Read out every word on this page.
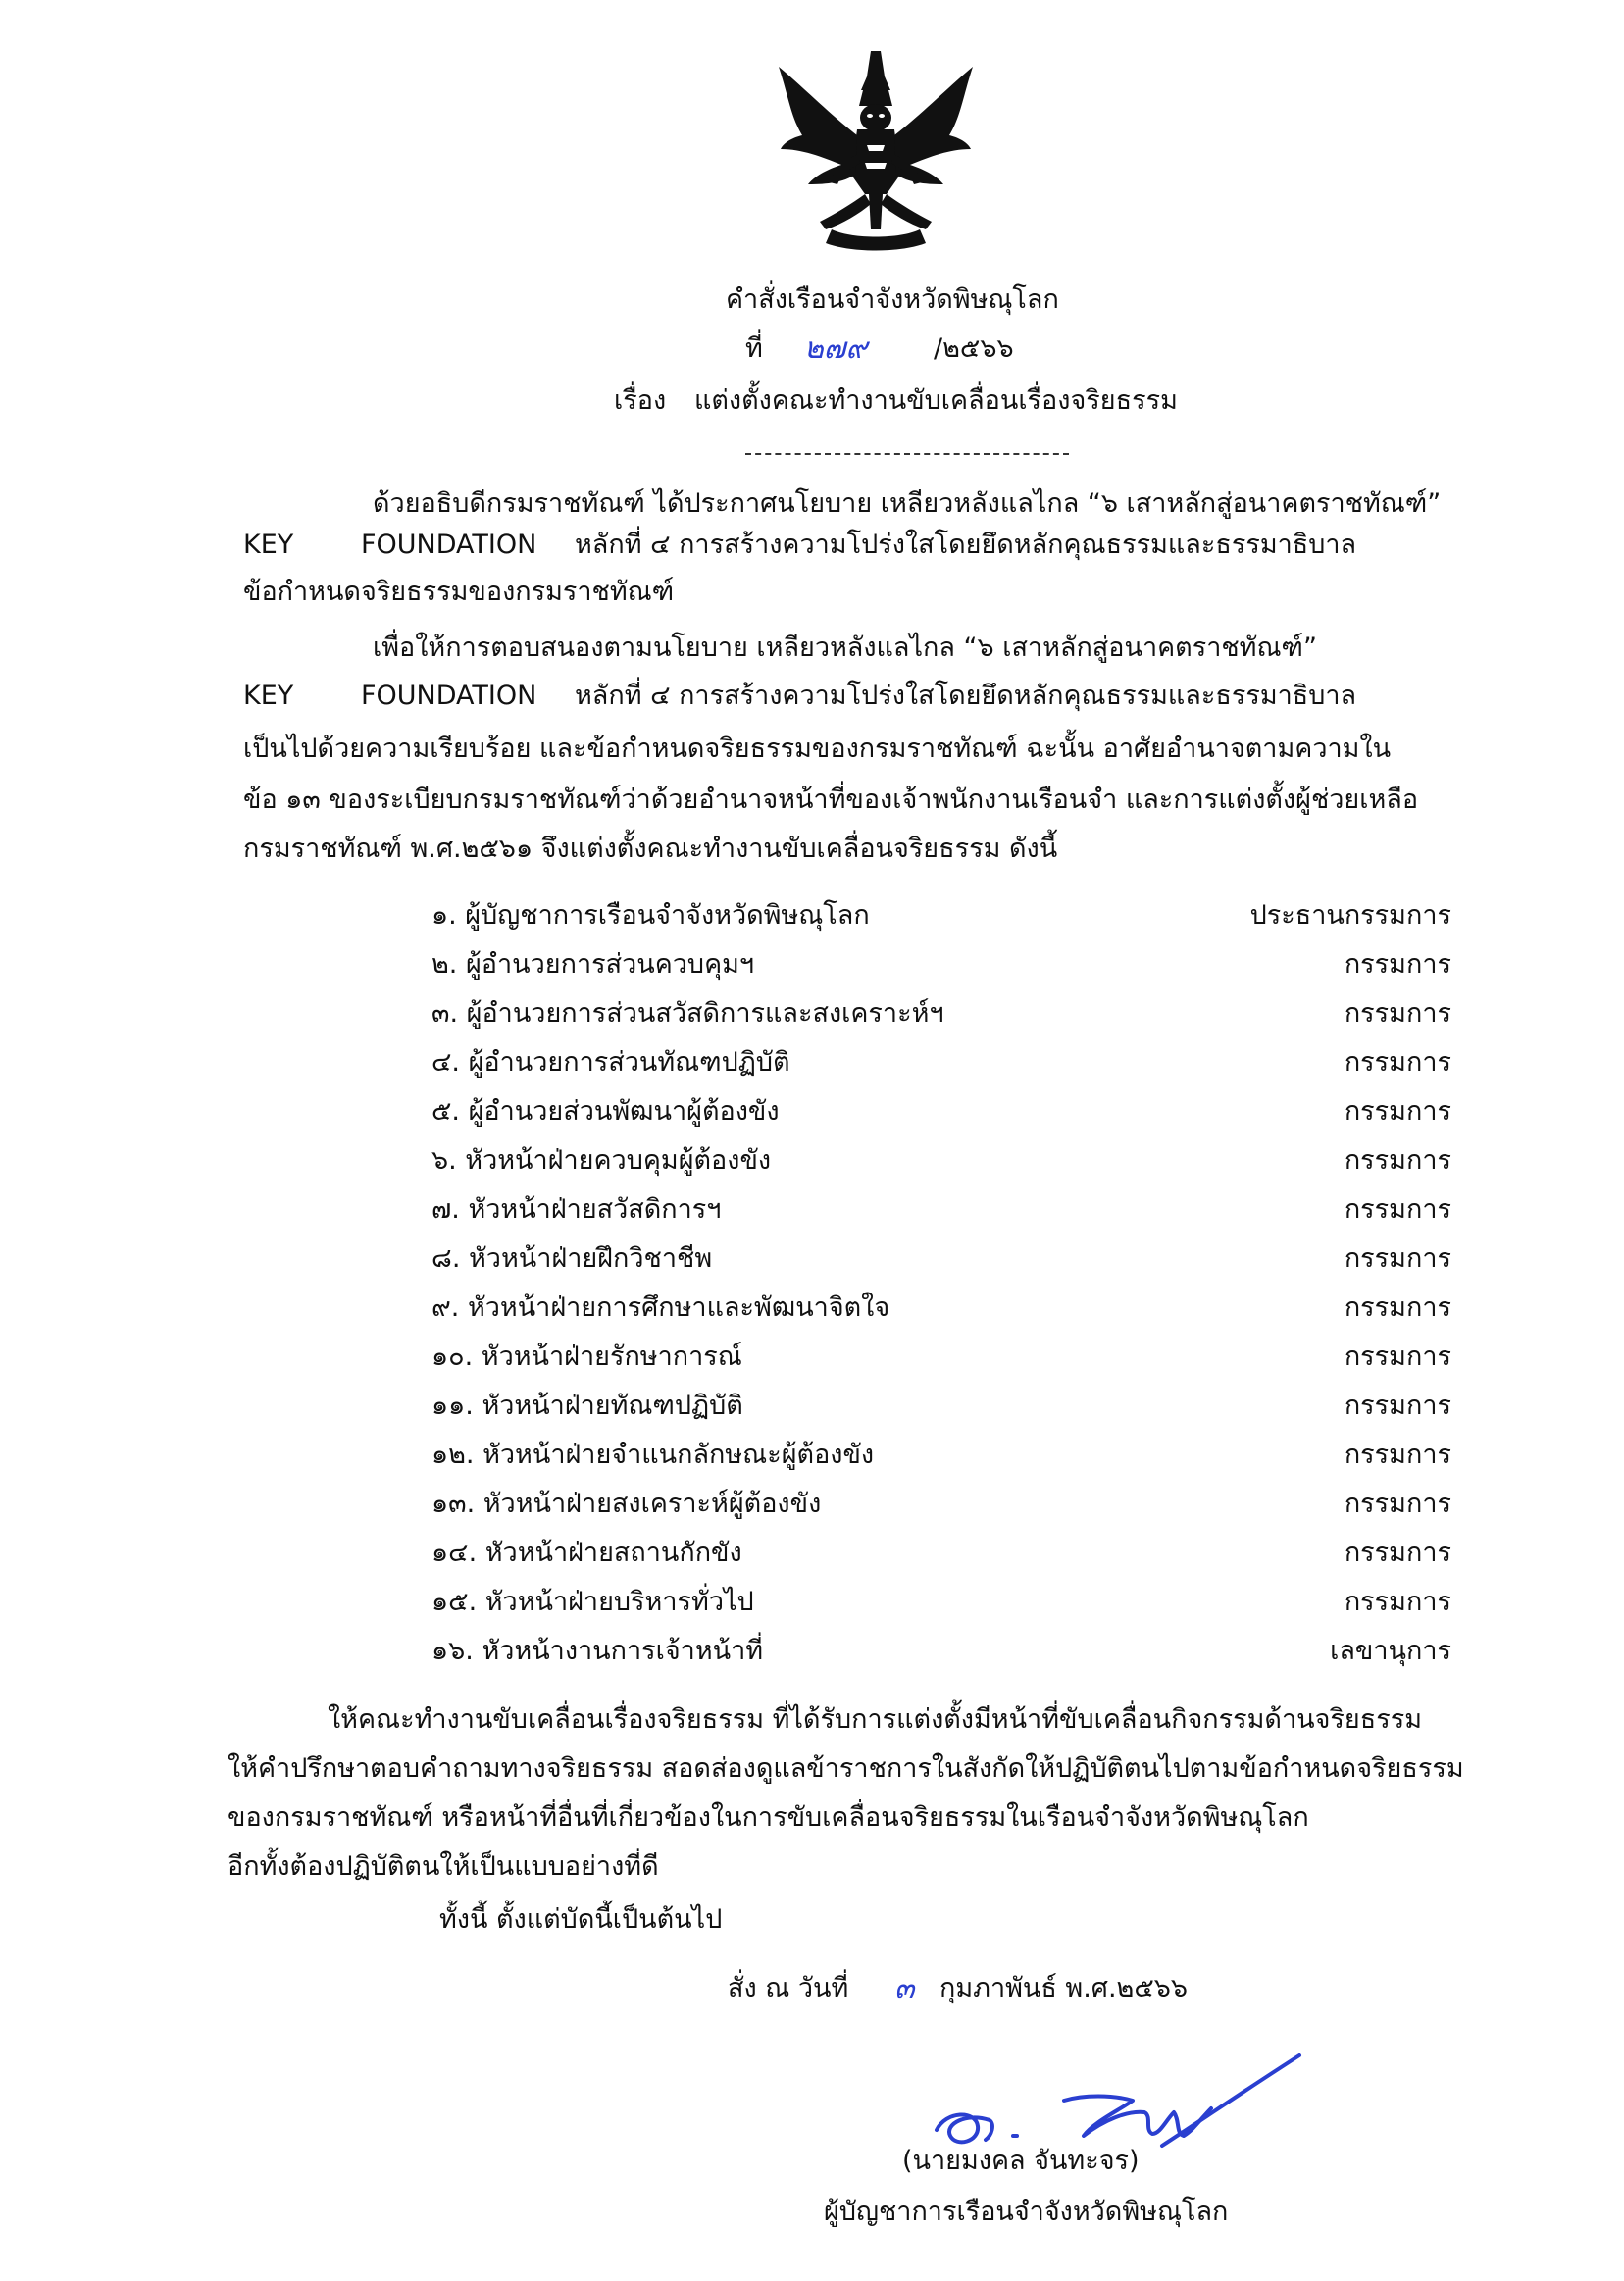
คำสั่งเรือนจำจังหวัดพิษณุโลก
ที่ ๒๗๙	/๒๕๖๖
เรื่อง แต่งตั้งคณะทำงานขับเคลื่อนเรื่องจริยธรรม
ด้วยอธิบดีกรมราชทัณฑ์ ได้ประกาศนโยบาย เหลียวหลังแลไกล “๖ เสาหลักสู่อนาคตราชทัณฑ์”
KEY	FOUNDATION หลักที่ ๔ การสร้างความโปร่งใสโดยยึดหลักคุณธรรมและธรรมาธิบาล
ข้อกำหนดจริยธรรมของกรมราชทัณฑ์
เพื่อให้การตอบสนองตามนโยบาย เหลียวหลังแลไกล “๖ เสาหลักสู่อนาคตราชทัณฑ์”
KEY	FOUNDATION หลักที่ ๔ การสร้างความโปร่งใสโดยยึดหลักคุณธรรมและธรรมาธิบาล
เป็นไปด้วยความเรียบร้อย และข้อกำหนดจริยธรรมของกรมราชทัณฑ์ ฉะนั้น อาศัยอำนาจตามความใน
ข้อ ๑๓ ของระเบียบกรมราชทัณฑ์ว่าด้วยอำนาจหน้าที่ของเจ้าพนักงานเรือนจำ และการแต่งตั้งผู้ช่วยเหลือ
กรมราชทัณฑ์ พ.ศ.๒๕๖๑ จึงแต่งตั้งคณะทำงานขับเคลื่อนจริยธรรม ดังนี้
๑. ผู้บัญชาการเรือนจำจังหวัดพิษณุโลก	ประธานกรรมการ
๒. ผู้อำนวยการส่วนควบคุมฯ	กรรมการ
๓. ผู้อำนวยการส่วนสวัสดิการและสงเคราะห์ฯ	กรรมการ
๔. ผู้อำนวยการส่วนทัณฑปฏิบัติ	กรรมการ
๕. ผู้อำนวยส่วนพัฒนาผู้ต้องขัง	กรรมการ
๖. หัวหน้าฝ่ายควบคุมผู้ต้องขัง	กรรมการ
๗. หัวหน้าฝ่ายสวัสดิการฯ	กรรมการ
๘. หัวหน้าฝ่ายฝึกวิชาชีพ	กรรมการ
๙. หัวหน้าฝ่ายการศึกษาและพัฒนาจิตใจ	กรรมการ
๑๐. หัวหน้าฝ่ายรักษาการณ์	กรรมการ
๑๑. หัวหน้าฝ่ายทัณฑปฏิบัติ	กรรมการ
๑๒. หัวหน้าฝ่ายจำแนกลักษณะผู้ต้องขัง	กรรมการ
๑๓. หัวหน้าฝ่ายสงเคราะห์ผู้ต้องขัง	กรรมการ
๑๔. หัวหน้าฝ่ายสถานกักขัง	กรรมการ
๑๕. หัวหน้าฝ่ายบริหารทั่วไป	กรรมการ
๑๖. หัวหน้างานการเจ้าหน้าที่	เลขานุการ
ให้คณะทำงานขับเคลื่อนเรื่องจริยธรรม ที่ได้รับการแต่งตั้งมีหน้าที่ขับเคลื่อนกิจกรรมด้านจริยธรรม
ให้คำปรึกษาตอบคำถามทางจริยธรรม สอดส่องดูแลข้าราชการในสังกัดให้ปฏิบัติตนไปตามข้อกำหนดจริยธรรม
ของกรมราชทัณฑ์ หรือหน้าที่อื่นที่เกี่ยวข้องในการขับเคลื่อนจริยธรรมในเรือนจำจังหวัดพิษณุโลก
อีกทั้งต้องปฏิบัติตนให้เป็นแบบอย่างที่ดี
ทั้งนี้ ตั้งแต่บัดนี้เป็นต้นไป
สั่ง ณ วันที่ ๓ กุมภาพันธ์ พ.ศ.๒๕๖๖
(นายมงคล จันทะจร)
ผู้บัญชาการเรือนจำจังหวัดพิษณุโลก
